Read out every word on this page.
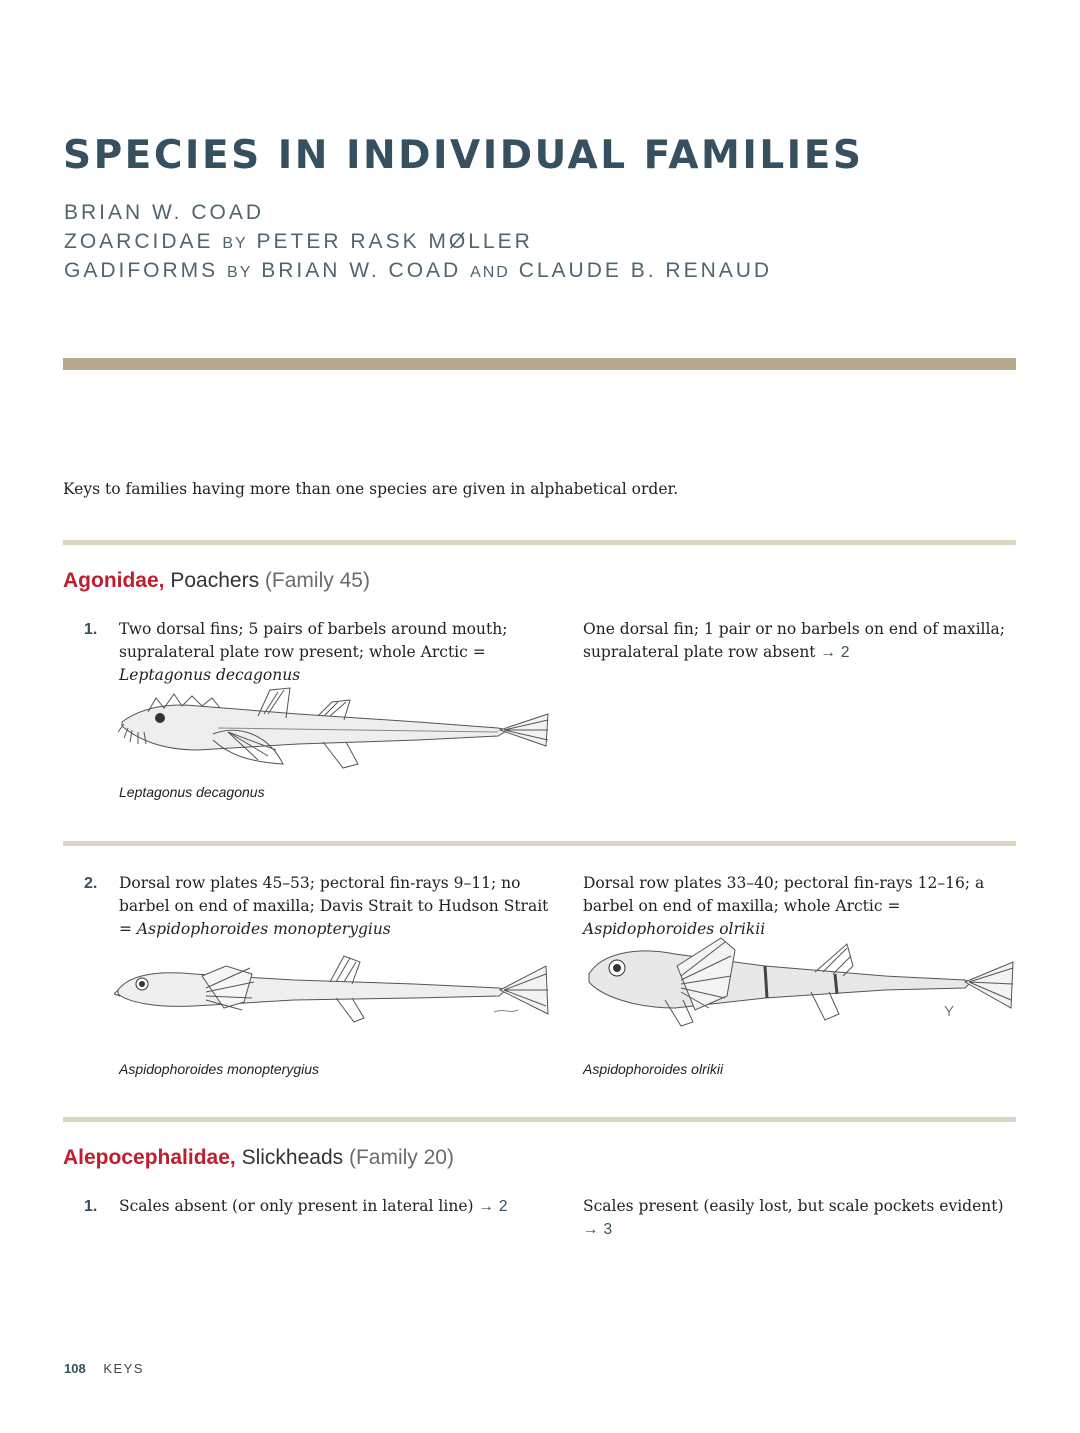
SPECIES IN INDIVIDUAL FAMILIES
BRIAN W. COAD
ZOARCIDAE BY PETER RASK MØLLER
GADIFORMS BY BRIAN W. COAD AND CLAUDE B. RENAUD
Keys to families having more than one species are given in alphabetical order.
Agonidae, Poachers (Family 45)
1. Two dorsal fins; 5 pairs of barbels around mouth; supralateral plate row present; whole Arctic = Leptagonus decagonus
One dorsal fin; 1 pair or no barbels on end of maxilla; supralateral plate row absent → 2
Leptagonus decagonus
2. Dorsal row plates 45–53; pectoral fin-rays 9–11; no barbel on end of maxilla; Davis Strait to Hudson Strait = Aspidophoroides monopterygius
Dorsal row plates 33–40; pectoral fin-rays 12–16; a barbel on end of maxilla; whole Arctic = Aspidophoroides olrikii
Aspidophoroides monopterygius	Aspidophoroides olrikii
Alepocephalidae, Slickheads (Family 20)
1. Scales absent (or only present in lateral line) → 2	Scales present (easily lost, but scale pockets evident) → 3
108 KEYS
